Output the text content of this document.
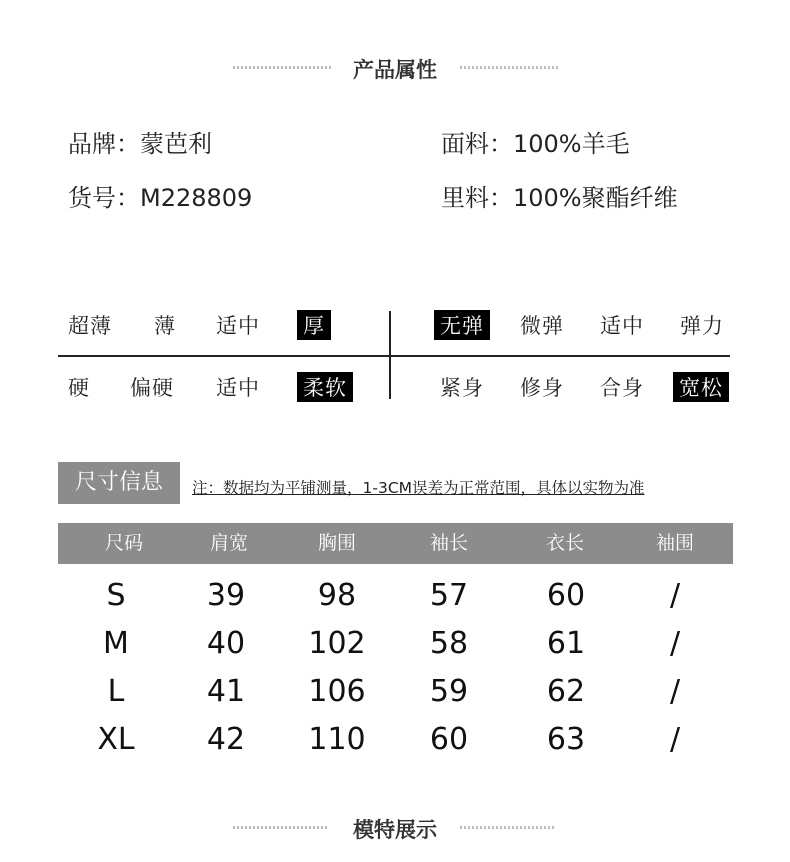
产品属性
品牌：蒙芭利	面料：100%羊毛
货号：M228809	里料：100%聚酯纤维
超薄 薄 适中 厚	无弹 微弹 适中 弹力
硬 偏硬 适中 柔软	紧身 修身 合身 宽松
尺寸信息	注：数据均为平铺测量，1-3CM误差为正常范围，具体以实物为准
尺码	肩宽	胸围	袖长	衣长	袖围
S	39	98	57	60	/
M	40	102	58	61	/
L	41	106	59	62	/
XL	42	110	60	63	/
模特展示
